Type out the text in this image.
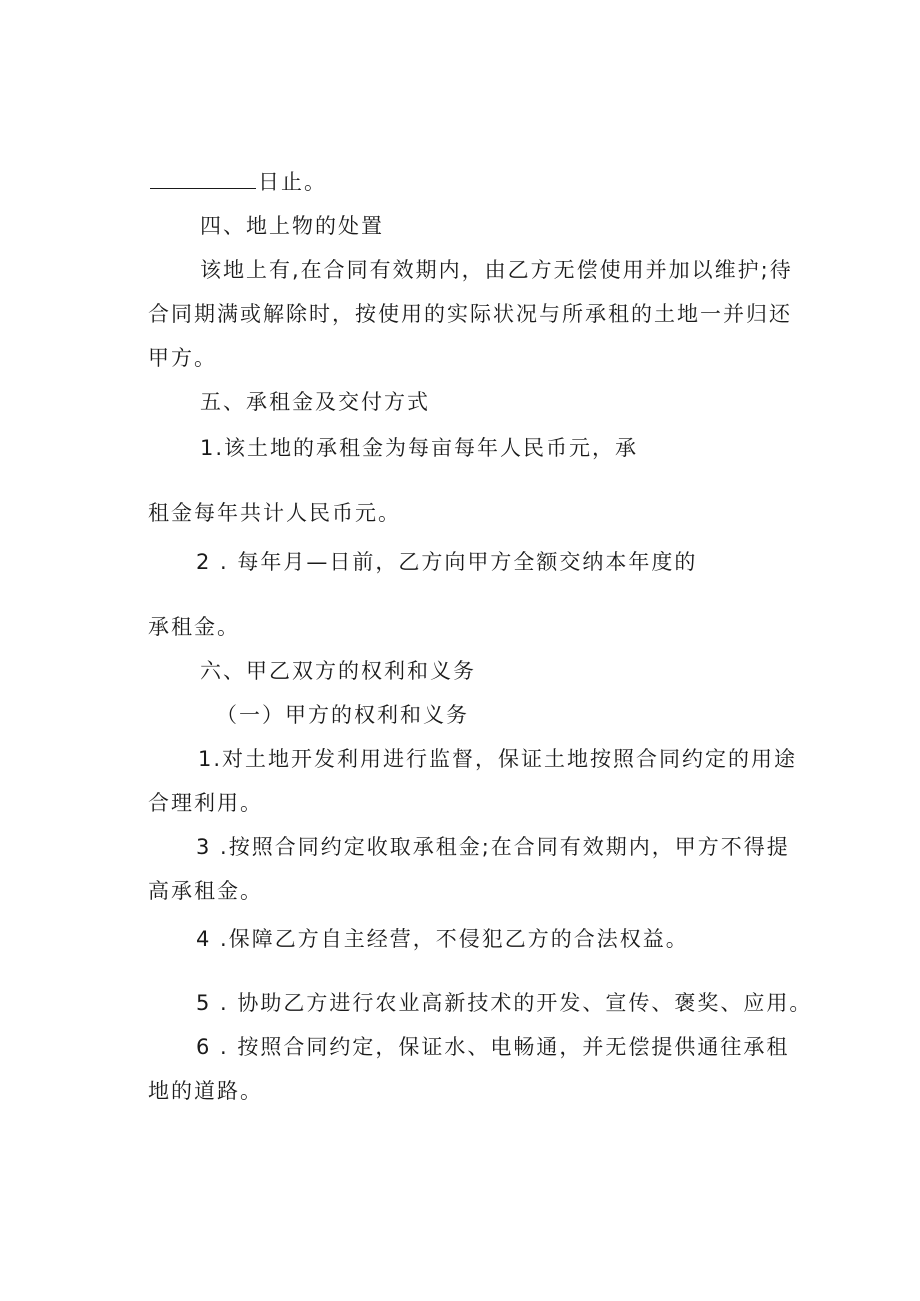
日止。
四、地上物的处置
该地上有,在合同有效期内，由乙方无偿使用并加以维护;待
合同期满或解除时，按使用的实际状况与所承租的土地一并归还
甲方。
五、承租金及交付方式
1.该土地的承租金为每亩每年人民币元，承
租金每年共计人民币元。
2 . 每年月—日前，乙方向甲方全额交纳本年度的
承租金。
六、甲乙双方的权利和义务
（一）甲方的权利和义务
1.对土地开发利用进行监督，保证土地按照合同约定的用途
合理利用。
3 .按照合同约定收取承租金;在合同有效期内，甲方不得提
高承租金。
4 .保障乙方自主经营，不侵犯乙方的合法权益。
5 . 协助乙方进行农业高新技术的开发、宣传、褒奖、应用。
6 . 按照合同约定，保证水、电畅通，并无偿提供通往承租
地的道路。
